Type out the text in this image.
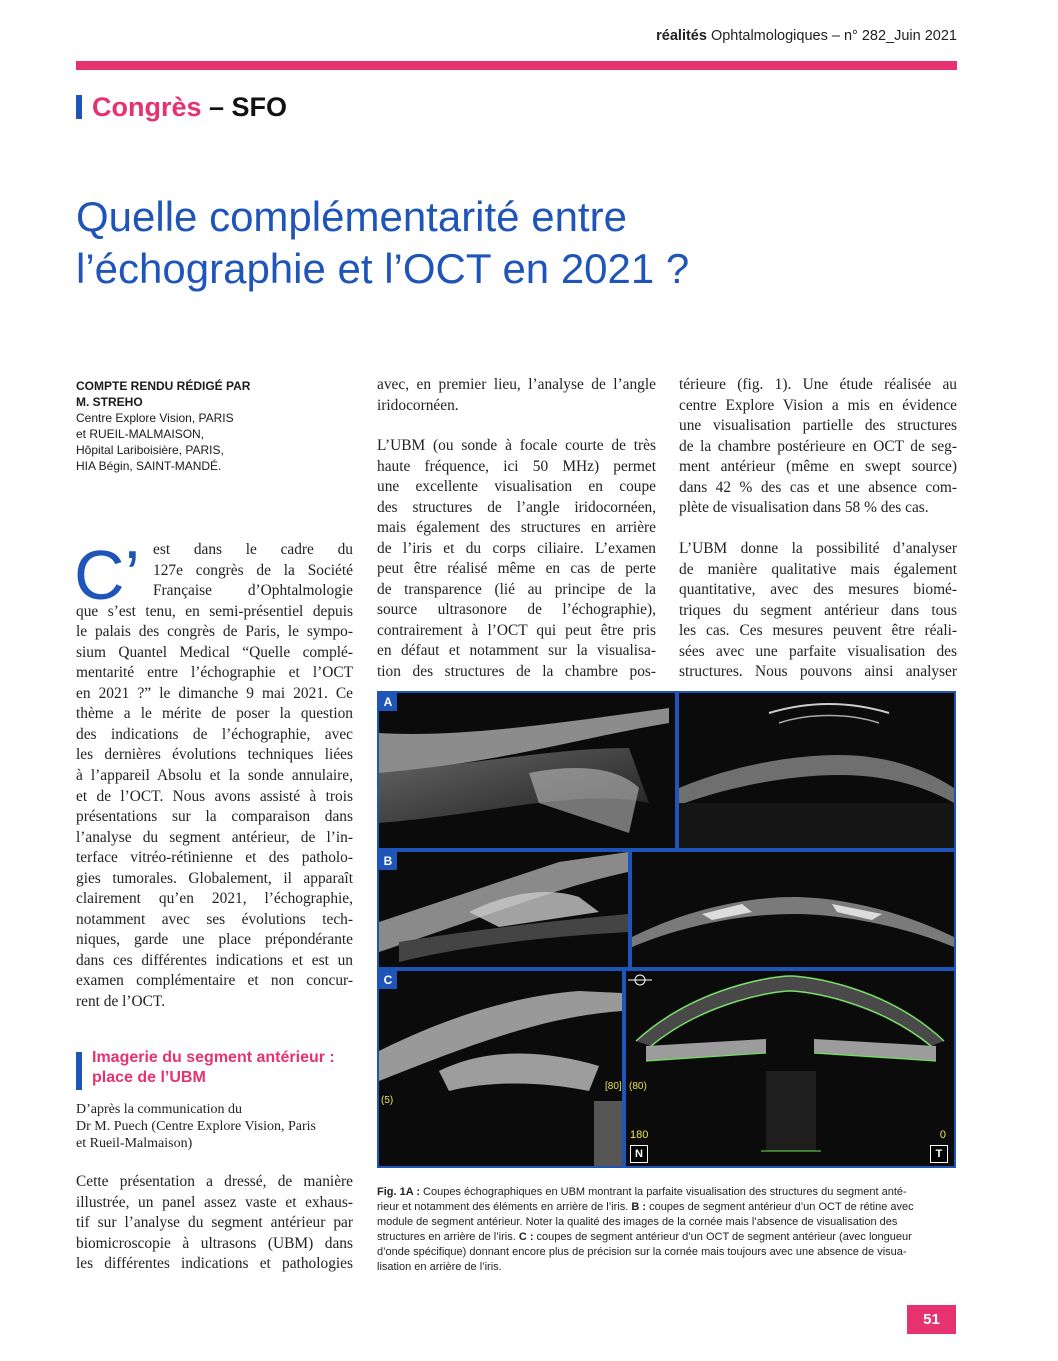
réalités Ophtalmologiques – n° 282_Juin 2021
Congrès – SFO
Quelle complémentarité entre
l’échographie et l’OCT en 2021 ?
COMPTE RENDU RÉDIGÉ PAR
M. STREHO
Centre Explore Vision, PARIS
et RUEIL-MALMAISON,
Hôpital Lariboisière, PARIS,
HIA Bégin, SAINT-MANDÉ.
C’ est dans le cadre du
127e congrès de la Société
Française d’Ophtalmologie
que s’est tenu, en semi-présentiel depuis
le palais des congrès de Paris, le sympo-
sium Quantel Medical “Quelle complé-
mentarité entre l’échographie et l’OCT
en 2021 ?” le dimanche 9 mai 2021. Ce
thème a le mérite de poser la question
des indications de l’échographie, avec
les dernières évolutions techniques liées
à l’appareil Absolu et la sonde annulaire,
et de l’OCT. Nous avons assisté à trois
présentations sur la comparaison dans
l’analyse du segment antérieur, de l’in-
terface vitréo-rétinienne et des patholo-
gies tumorales. Globalement, il apparaît
clairement qu’en 2021, l’échographie,
notamment avec ses évolutions tech-
niques, garde une place prépondérante
dans ces différentes indications et est un
examen complémentaire et non concur-
rent de l’OCT.
Imagerie du segment antérieur :
place de l’UBM
D’après la communication du
Dr M. Puech (Centre Explore Vision, Paris
et Rueil-Malmaison)
Cette présentation a dressé, de manière
illustrée, un panel assez vaste et exhaus-
tif sur l’analyse du segment antérieur par
biomicroscopie à ultrasons (UBM) dans
les différentes indications et pathologies
avec, en premier lieu, l’analyse de l’angle
iridocornéen.
L’UBM (ou sonde à focale courte de très
haute fréquence, ici 50 MHz) permet
une excellente visualisation en coupe
des structures de l’angle iridocornéen,
mais également des structures en arrière
de l’iris et du corps ciliaire. L’examen
peut être réalisé même en cas de perte
de transparence (lié au principe de la
source ultrasonore de l’échographie),
contrairement à l’OCT qui peut être pris
en défaut et notamment sur la visualisa-
tion des structures de la chambre pos-
térieure (fig. 1). Une étude réalisée au
centre Explore Vision a mis en évidence
une visualisation partielle des structures
de la chambre postérieure en OCT de seg-
ment antérieur (même en swept source)
dans 42 % des cas et une absence com-
plète de visualisation dans 58 % des cas.
L’UBM donne la possibilité d’analyser
de manière qualitative mais également
quantitative, avec des mesures biomé-
triques du segment antérieur dans tous
les cas. Ces mesures peuvent être réali-
sées avec une parfaite visualisation des
structures. Nous pouvons ainsi analyser
A
B
C
(5)
[80] (80)
180	0
N	T
Fig. 1A : Coupes échographiques en UBM montrant la parfaite visualisation des structures du segment anté-
rieur et notamment des éléments en arrière de l’iris. B : coupes de segment antérieur d’un OCT de rétine avec
module de segment antérieur. Noter la qualité des images de la cornée mais l’absence de visualisation des
structures en arrière de l’iris. C : coupes de segment antérieur d’un OCT de segment antérieur (avec longueur
d’onde spécifique) donnant encore plus de précision sur la cornée mais toujours avec une absence de visua-
lisation en arrière de l’iris.
51
